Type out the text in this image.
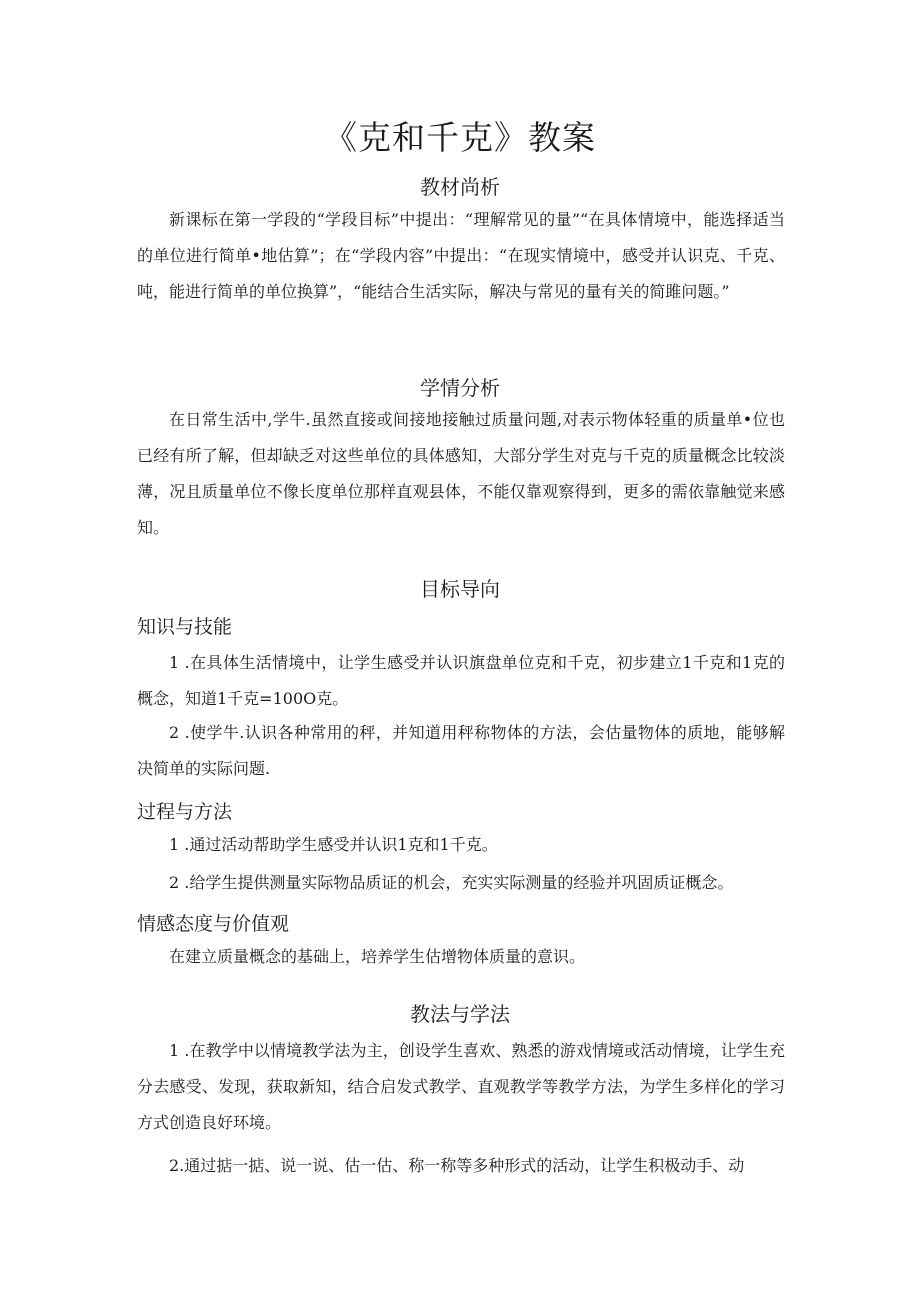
《克和千克》教案
教材尚析

新课标在第一学段的“学段目标”中提出：“理解常见的量”“在具体情境中，能选择适当的单位进行简单•地估算”；在“学段内容”中提出：“在现实情境中，感受并认识克、千克、吨，能进行简单的单位换算”，“能结合生活实际，解决与常见的量有关的简雎问题。”

学情分析

在日常生活中,学牛.虽然直接或间接地接触过质量问题,对表示物体轻重的质量单•位也已经有所了解，但却缺乏对这些单位的具体感知，大部分学生对克与千克的质量概念比较淡薄，况且质量单位不像长度单位那样直观县体，不能仅靠观察得到，更多的需依靠触觉来感知。

目标导向
知识与技能

1 .在具体生活情境中，让学生感受并认识旗盘单位克和千克，初步建立1千克和1克的概念，知道1千克=100O克。

2 .使学牛.认识各种常用的秤，并知道用秤称物体的方法，会估量物体的质地，能够解决简单的实际问题.

过程与方法

1 .通过活动帮助学生感受并认识1克和1千克。

2 .给学生提供测量实际物品质证的机会，充实实际测量的经验并巩固质证概念。

情感态度与价值观

在建立质量概念的基础上，培养学生估增物体质量的意识。

教法与学法

1 .在教学中以情境教学法为主，创设学生喜欢、熟悉的游戏情境或活动情境，让学生充分去感受、发现，获取新知，结合启发式教学、直观教学等教学方法，为学生多样化的学习方式创造良好环境。

2.通过掂一掂、说一说、估一估、称一称等多种形式的活动，让学生积极动手、动
